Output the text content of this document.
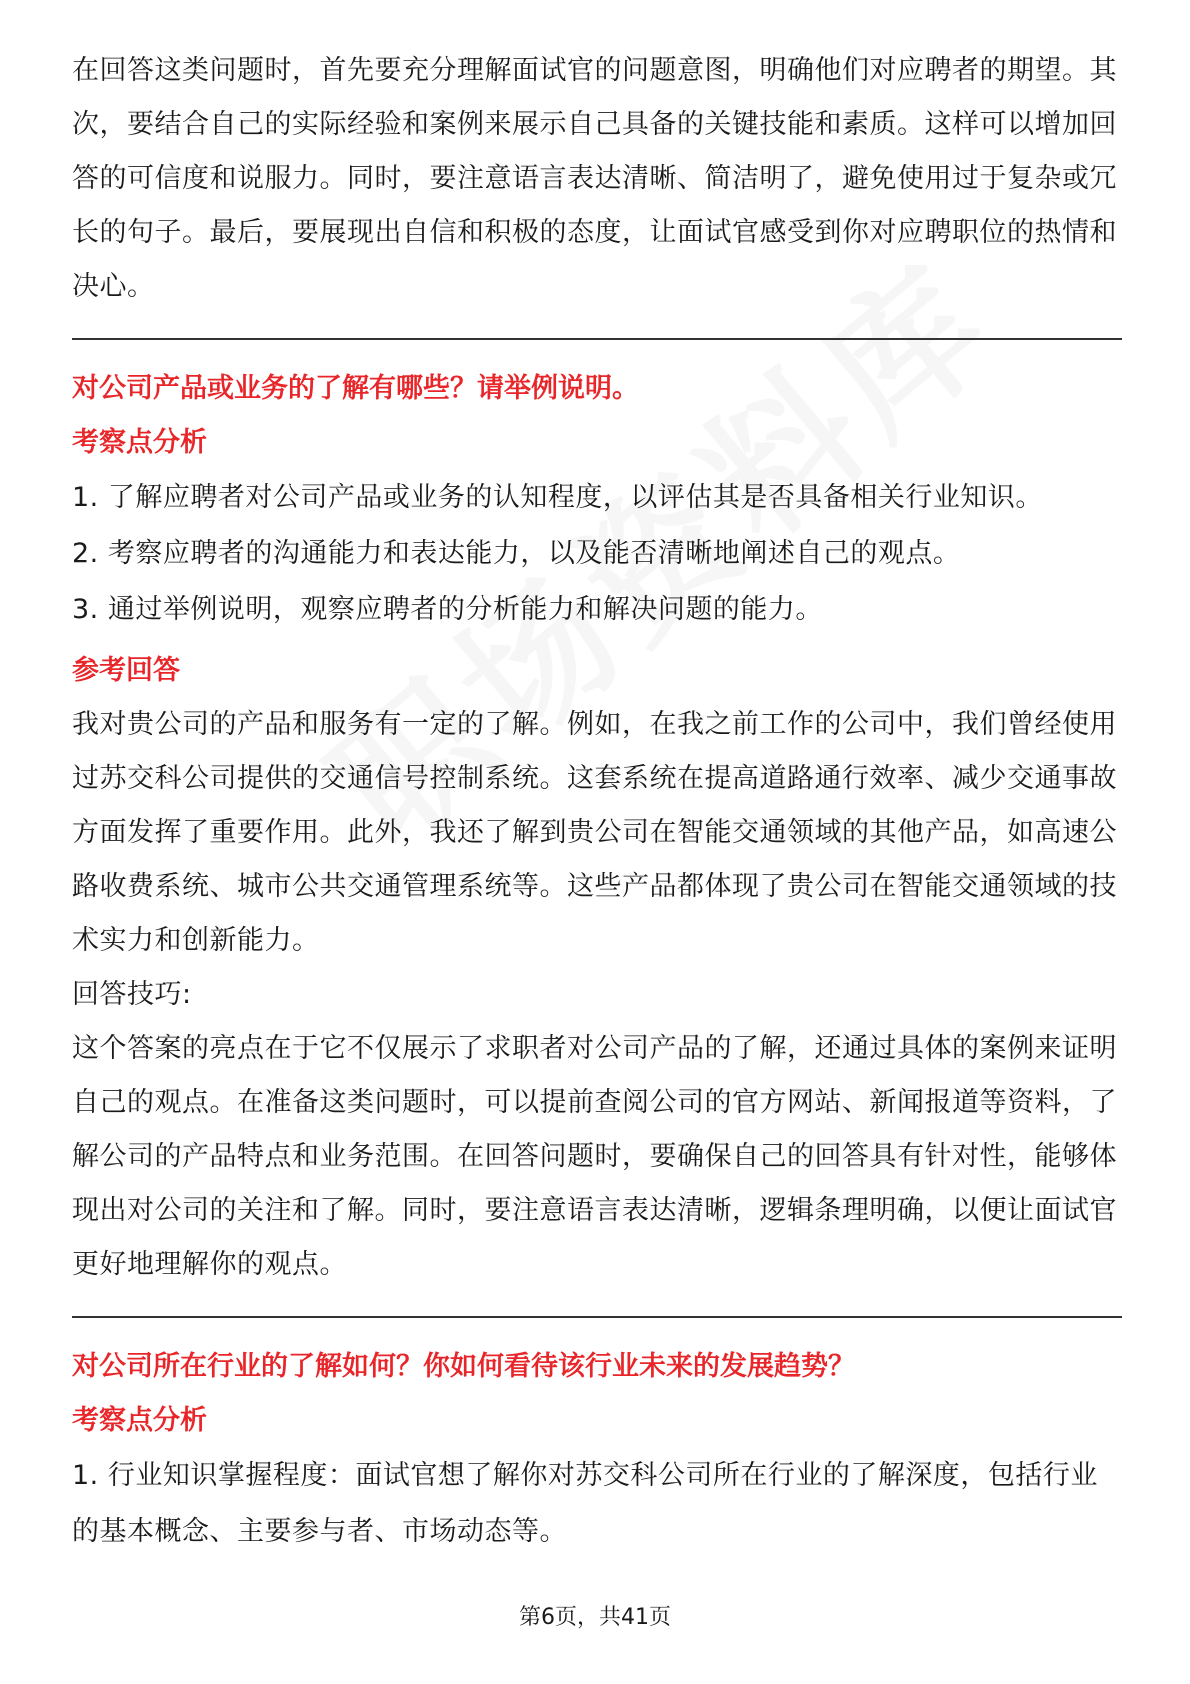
在回答这类问题时，首先要充分理解面试官的问题意图，明确他们对应聘者的期望。其次，要结合自己的实际经验和案例来展示自己具备的关键技能和素质。这样可以增加回答的可信度和说服力。同时，要注意语言表达清晰、简洁明了，避免使用过于复杂或冗长的句子。最后，要展现出自信和积极的态度，让面试官感受到你对应聘职位的热情和决心。

对公司产品或业务的了解有哪些？请举例说明。

考察点分析

1. 了解应聘者对公司产品或业务的认知程度，以评估其是否具备相关行业知识。
2. 考察应聘者的沟通能力和表达能力，以及能否清晰地阐述自己的观点。
3. 通过举例说明，观察应聘者的分析能力和解决问题的能力。

参考回答

我对贵公司的产品和服务有一定的了解。例如，在我之前工作的公司中，我们曾经使用过苏交科公司提供的交通信号控制系统。这套系统在提高道路通行效率、减少交通事故方面发挥了重要作用。此外，我还了解到贵公司在智能交通领域的其他产品，如高速公路收费系统、城市公共交通管理系统等。这些产品都体现了贵公司在智能交通领域的技术实力和创新能力。

回答技巧:

这个答案的亮点在于它不仅展示了求职者对公司产品的了解，还通过具体的案例来证明自己的观点。在准备这类问题时，可以提前查阅公司的官方网站、新闻报道等资料，了解公司的产品特点和业务范围。在回答问题时，要确保自己的回答具有针对性，能够体现出对公司的关注和了解。同时，要注意语言表达清晰，逻辑条理明确，以便让面试官更好地理解你的观点。

对公司所在行业的了解如何？你如何看待该行业未来的发展趋势？

考察点分析

1. 行业知识掌握程度：面试官想了解你对苏交科公司所在行业的了解深度，包括行业的基本概念、主要参与者、市场动态等。
第6页，共41页
